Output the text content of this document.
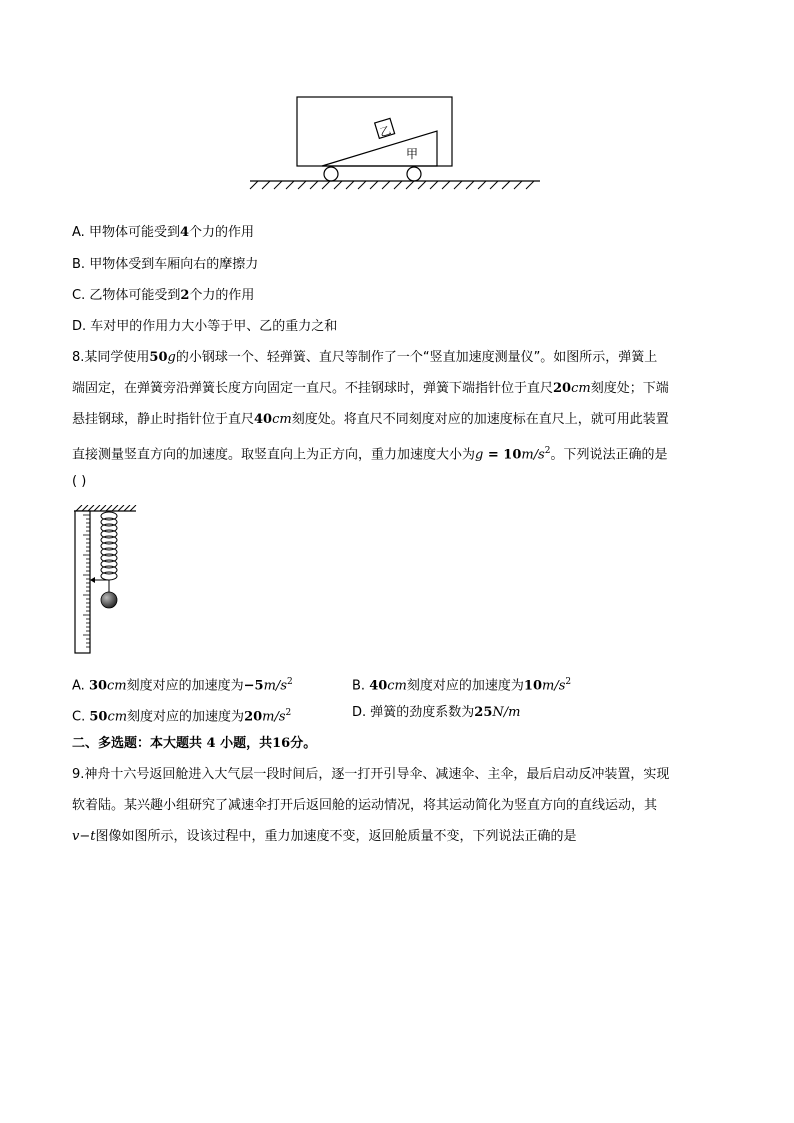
乙
甲
A. 甲物体可能受到4个力的作用
B. 甲物体受到车厢向右的摩擦力
C. 乙物体可能受到2个力的作用
D. 车对甲的作用力大小等于甲、乙的重力之和
8.某同学使用50g的小钢球一个、轻弹簧、直尺等制作了一个“竖直加速度测量仪”。如图所示，弹簧上
端固定，在弹簧旁沿弹簧长度方向固定一直尺。不挂钢球时，弹簧下端指针位于直尺20cm刻度处；下端
悬挂钢球，静止时指针位于直尺40cm刻度处。将直尺不同刻度对应的加速度标在直尺上，就可用此装置
直接测量竖直方向的加速度。取竖直向上为正方向，重力加速度大小为$g = 10m/s^2$。下列说法正确的是
( )
A. 30cm刻度对应的加速度为$-5m/s^2$	B. 40cm刻度对应的加速度为$10m/s^2$
C. 50cm刻度对应的加速度为$20m/s^2$	D. 弹簧的劲度系数为25N/m
二、多选题：本大题共 4 小题，共16分。
9.神舟十六号返回舱进入大气层一段时间后，逐一打开引导伞、减速伞、主伞，最后启动反冲装置，实现
软着陆。某兴趣小组研究了减速伞打开后返回舱的运动情况，将其运动简化为竖直方向的直线运动，其
v−t图像如图所示，设该过程中，重力加速度不变，返回舱质量不变，下列说法正确的是
